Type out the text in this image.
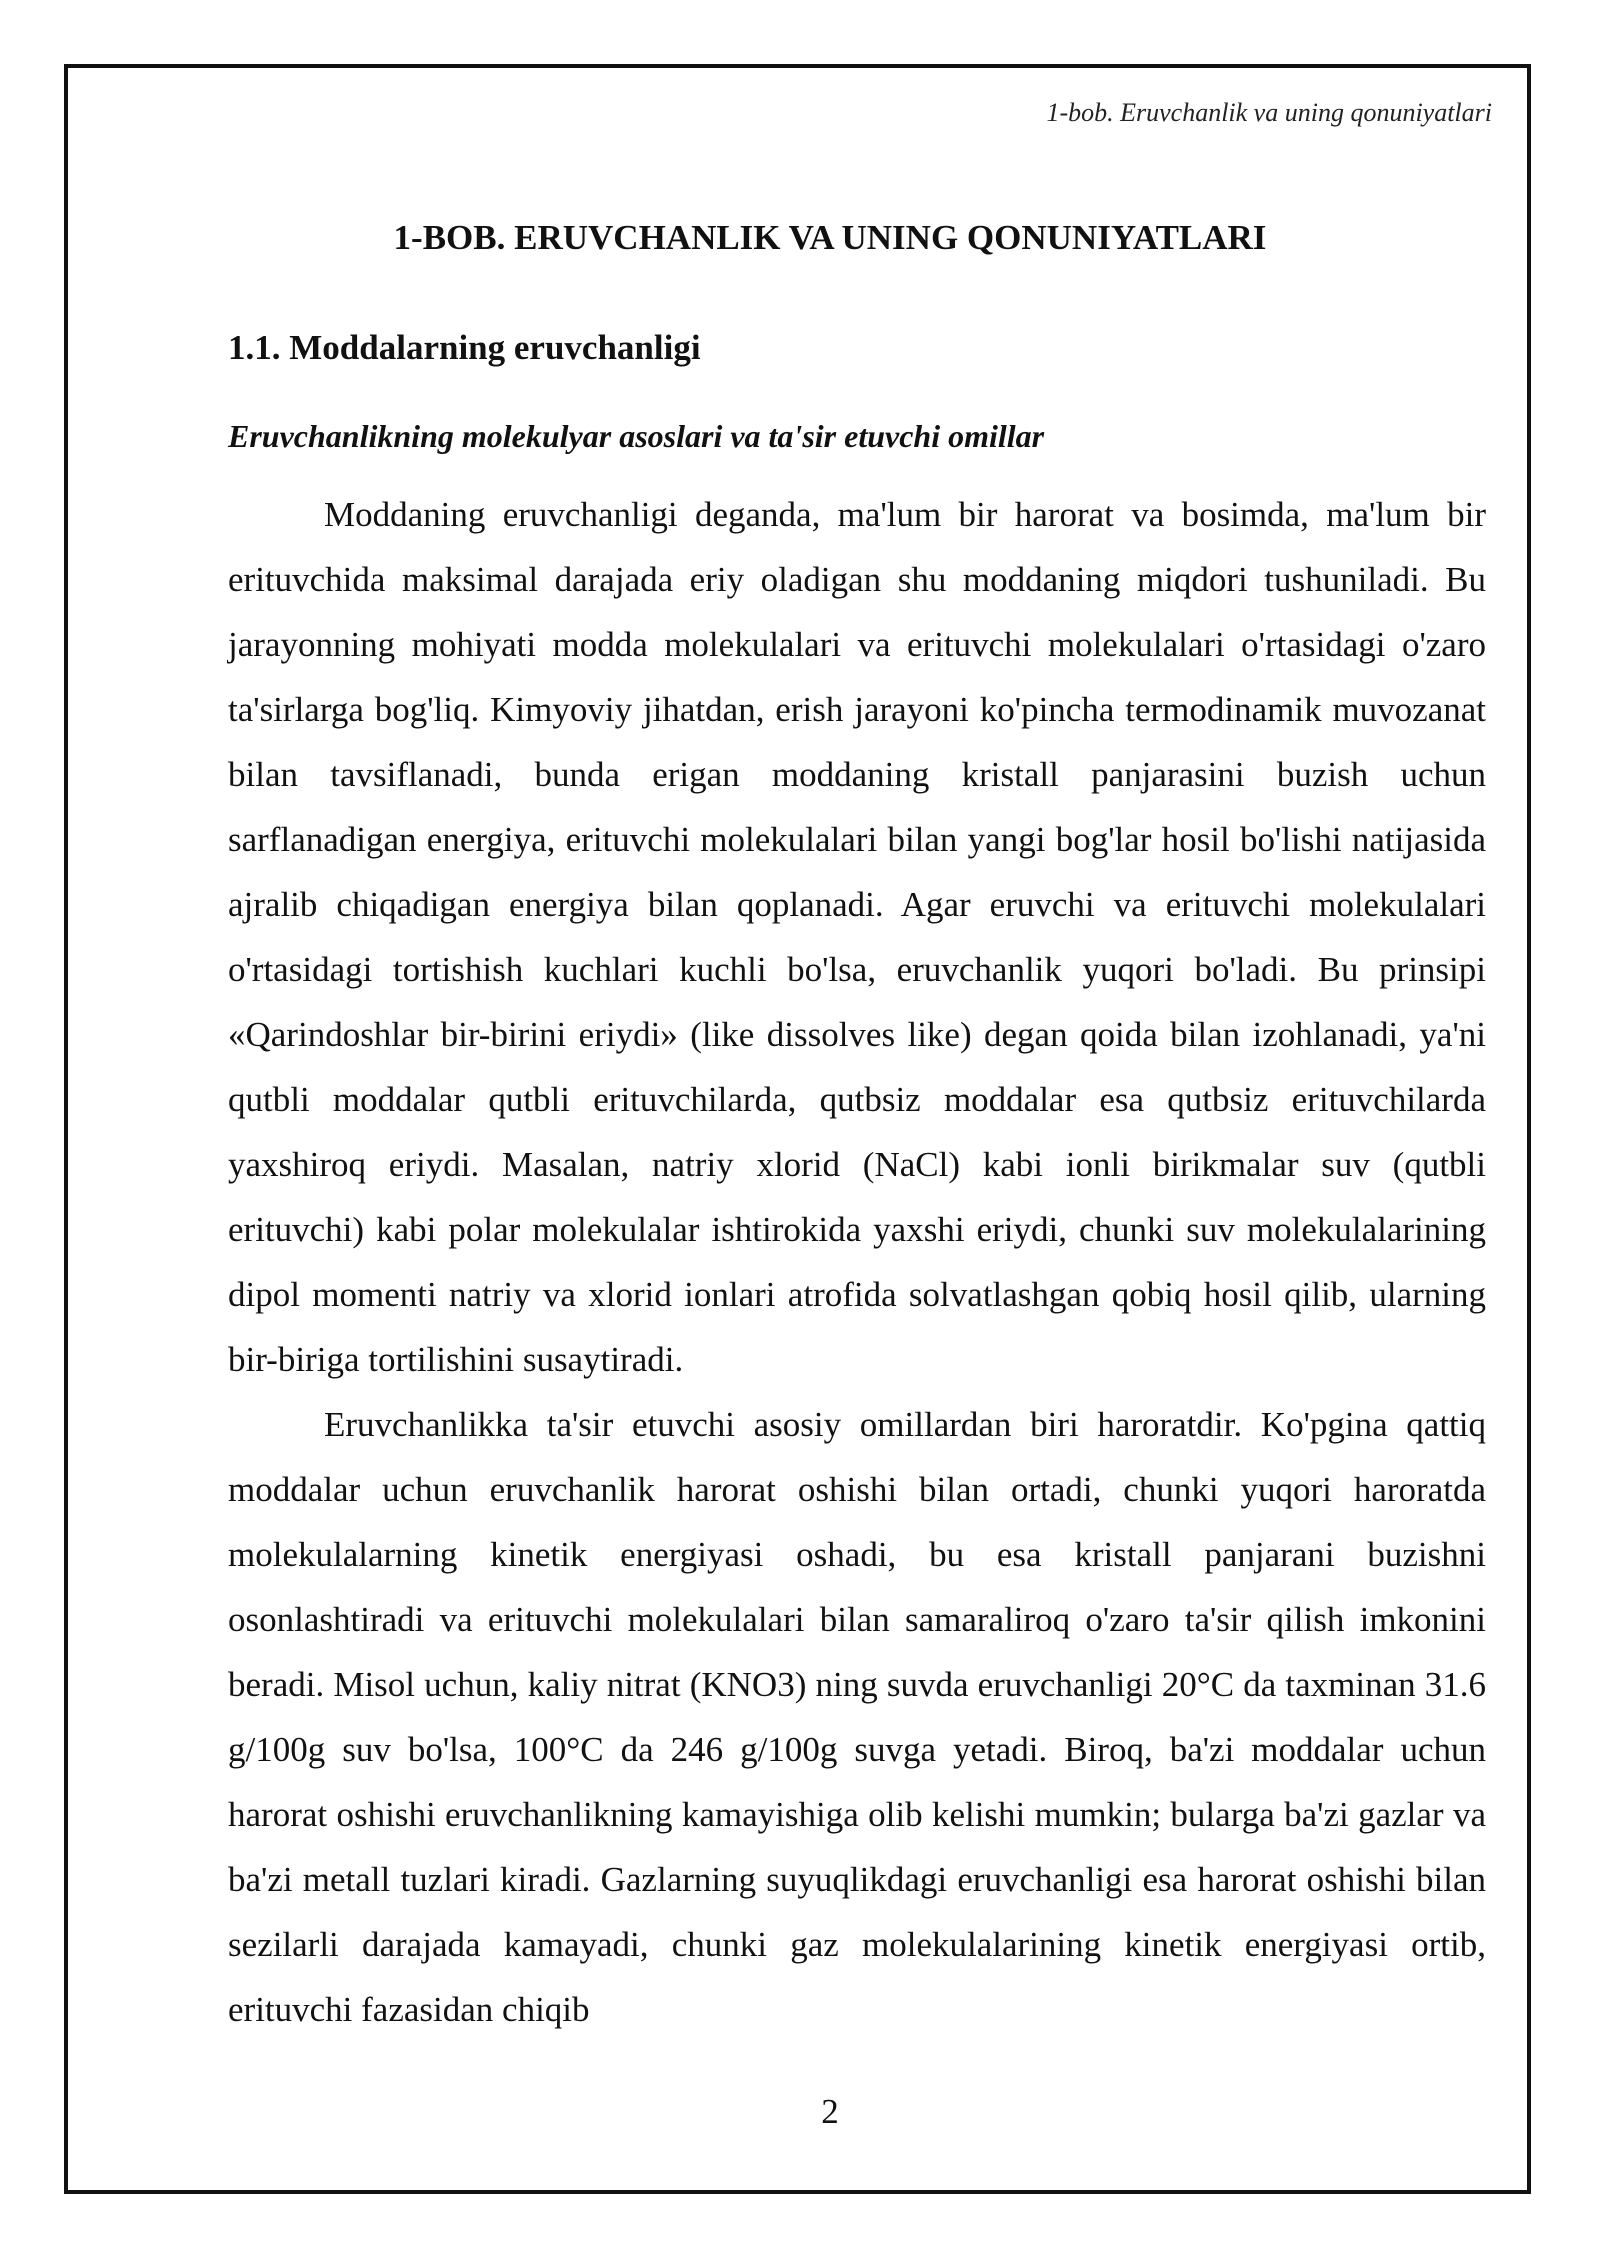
1-bob. Eruvchanlik va uning qonuniyatlari
1-BOB. ERUVCHANLIK VA UNING QONUNIYATLARI
1.1. Moddalarning eruvchanligi
Eruvchanlikning molekulyar asoslari va ta'sir etuvchi omillar

Moddaning eruvchanligi deganda, ma'lum bir harorat va bosimda, ma'lum bir erituvchida maksimal darajada eriy oladigan shu moddaning miqdori tushuniladi. Bu jarayonning mohiyati modda molekulalari va erituvchi molekulalari o'rtasidagi o'zaro ta'sirlarga bog'liq. Kimyoviy jihatdan, erish jarayoni ko'pincha termodinamik muvozanat bilan tavsiflanadi, bunda erigan moddaning kristall panjarasini buzish uchun sarflanadigan energiya, erituvchi molekulalari bilan yangi bog'lar hosil bo'lishi natijasida ajralib chiqadigan energiya bilan qoplanadi. Agar eruvchi va erituvchi molekulalari o'rtasidagi tortishish kuchlari kuchli bo'lsa, eruvchanlik yuqori bo'ladi. Bu prinsipi «Qarindoshlar bir-birini eriydi» (like dissolves like) degan qoida bilan izohlanadi, ya'ni qutbli moddalar qutbli erituvchilarda, qutbsiz moddalar esa qutbsiz erituvchilarda yaxshiroq eriydi. Masalan, natriy xlorid (NaCl) kabi ionli birikmalar suv (qutbli erituvchi) kabi polar molekulalar ishtirokida yaxshi eriydi, chunki suv molekulalarining dipol momenti natriy va xlorid ionlari atrofida solvatlashgan qobiq hosil qilib, ularning bir-biriga tortilishini susaytiradi.

Eruvchanlikka ta'sir etuvchi asosiy omillardan biri haroratdir. Ko'pgina qattiq moddalar uchun eruvchanlik harorat oshishi bilan ortadi, chunki yuqori haroratda molekulalarning kinetik energiyasi oshadi, bu esa kristall panjarani buzishni osonlashtiradi va erituvchi molekulalari bilan samaraliroq o'zaro ta'sir qilish imkonini beradi. Misol uchun, kaliy nitrat (KNO3) ning suvda eruvchanligi 20°C da taxminan 31.6 g/100g suv bo'lsa, 100°C da 246 g/100g suvga yetadi. Biroq, ba'zi moddalar uchun harorat oshishi eruvchanlikning kamayishiga olib kelishi mumkin; bularga ba'zi gazlar va ba'zi metall tuzlari kiradi. Gazlarning suyuqlikdagi eruvchanligi esa harorat oshishi bilan sezilarli darajada kamayadi, chunki gaz molekulalarining kinetik energiyasi ortib, erituvchi fazasidan chiqib

2
